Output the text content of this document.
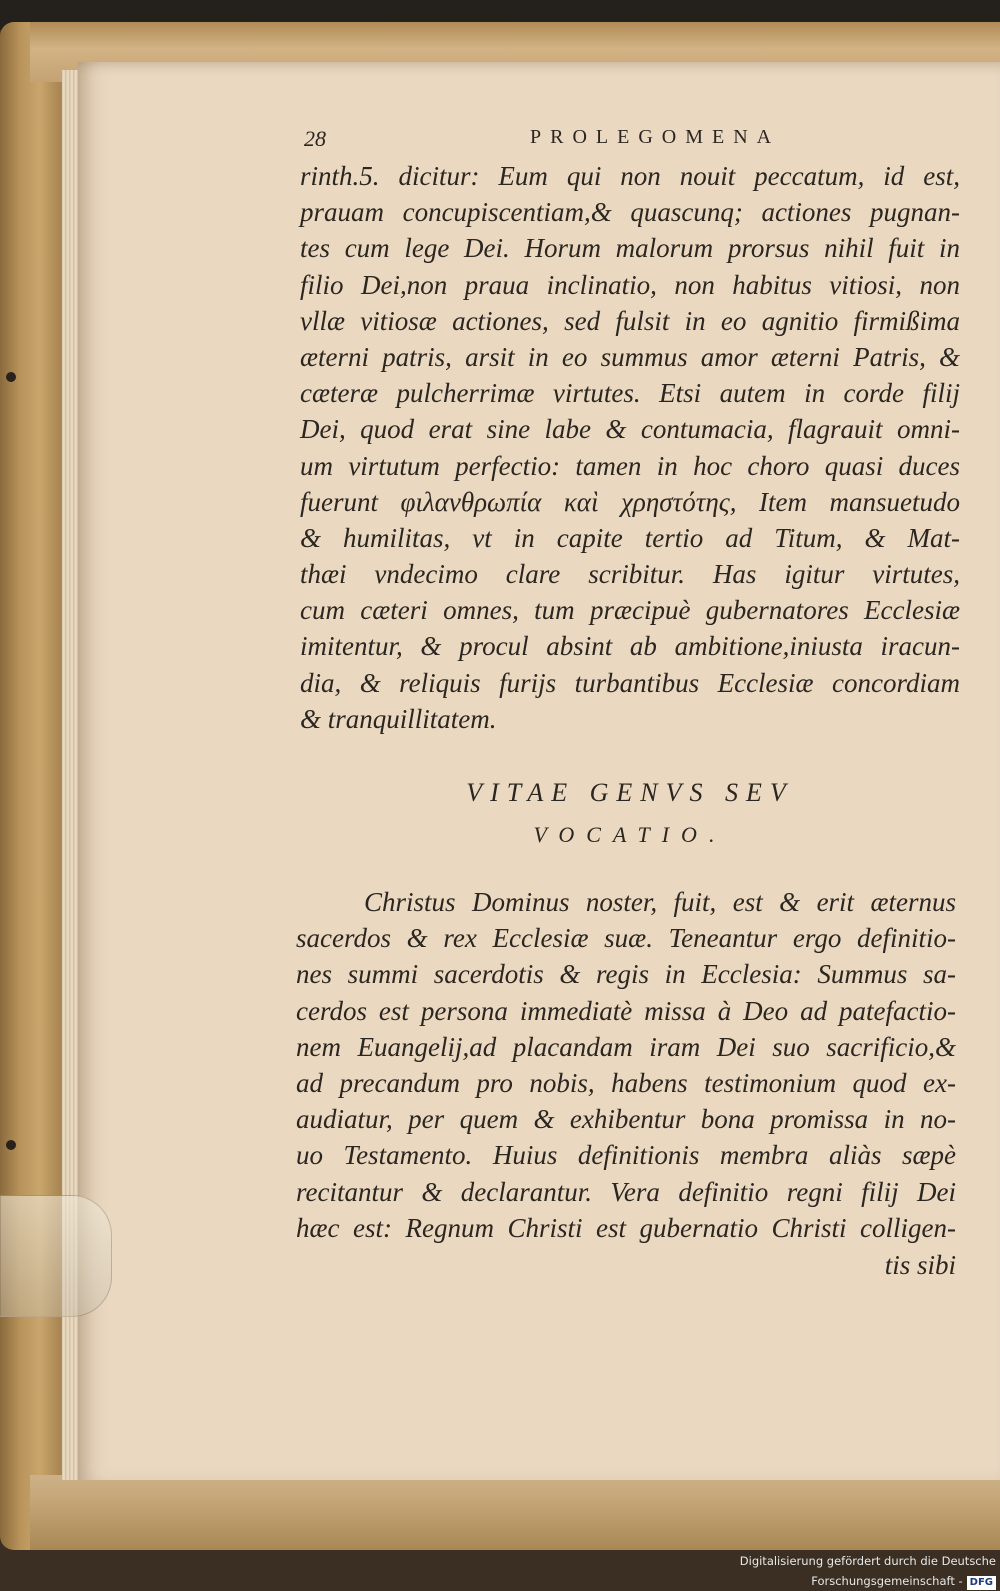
28	PROLEGOMENA
rinth.5. dicitur: Eum qui non nouit peccatum, id est,
prauam concupiscentiam,& quascunq; actiones pugnan-
tes cum lege Dei. Horum malorum prorsus nihil fuit in
filio Dei,non praua inclinatio, non habitus vitiosi, non
vllæ vitiosæ actiones, sed fulsit in eo agnitio firmißima
æterni patris, arsit in eo summus amor æterni Patris, &
cæteræ pulcherrimæ virtutes. Etsi autem in corde filij
Dei, quod erat sine labe & contumacia, flagrauit omni-
um virtutum perfectio: tamen in hoc choro quasi duces
fuerunt φιλανθρωπία καὶ χρηστότης, Item mansuetudo
& humilitas, vt in capite tertio ad Titum, & Mat-
thæi vndecimo clare scribitur. Has igitur virtutes,
cum cæteri omnes, tum præcipuè gubernatores Ecclesiæ
imitentur, & procul absint ab ambitione,iniusta iracun-
dia, & reliquis furijs turbantibus Ecclesiæ concordiam
& tranquillitatem.
VITAE GENVS SEV
VOCATIO.
Christus Dominus noster, fuit, est & erit æternus
sacerdos & rex Ecclesiæ suæ. Teneantur ergo definitio-
nes summi sacerdotis & regis in Ecclesia: Summus sa-
cerdos est persona immediatè missa à Deo ad patefactio-
nem Euangelij,ad placandam iram Dei suo sacrificio,&
ad precandum pro nobis, habens testimonium quod ex-
audiatur, per quem & exhibentur bona promissa in no-
uo Testamento. Huius definitionis membra aliàs sæpè
recitantur & declarantur. Vera definitio regni filij Dei
hæc est: Regnum Christi est gubernatio Christi colligen-
tis sibi
Digitalisierung gefördert durch die Deutsche Forschungsgemeinschaft - DFG
